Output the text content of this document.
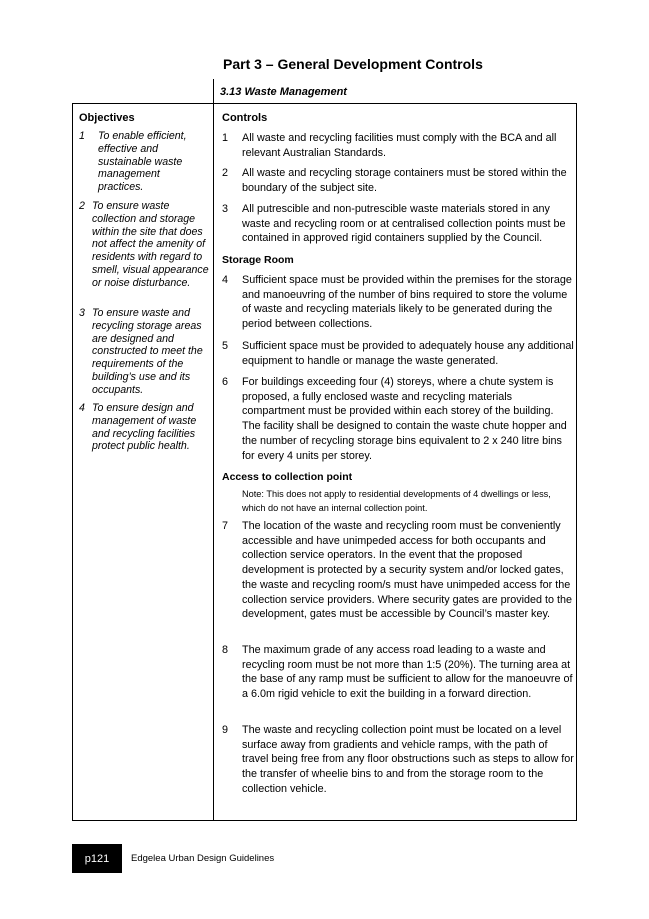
Part 3 – General Development Controls
3.13 Waste Management
Objectives
1 To enable efficient, effective and sustainable waste management practices.
2 To ensure waste collection and storage within the site that does not affect the amenity of residents with regard to smell, visual appearance or noise disturbance.
3 To ensure waste and recycling storage areas are designed and constructed to meet the requirements of the building’s use and its occupants.
4 To ensure design and management of waste and recycling facilities protect public health.
Controls
1 All waste and recycling facilities must comply with the BCA and all relevant Australian Standards.
2 All waste and recycling storage containers must be stored within the boundary of the subject site.
3 All putrescible and non-putrescible waste materials stored in any waste and recycling room or at centralised collection points must be contained in approved rigid containers supplied by the Council.
Storage Room
4 Sufficient space must be provided within the premises for the storage and manoeuvring of the number of bins required to store the volume of waste and recycling materials likely to be generated during the period between collections.
5 Sufficient space must be provided to adequately house any additional equipment to handle or manage the waste generated.
6 For buildings exceeding four (4) storeys, where a chute system is proposed, a fully enclosed waste and recycling materials compartment must be provided within each storey of the building. The facility shall be designed to contain the waste chute hopper and the number of recycling storage bins equivalent to 2 x 240 litre bins for every 4 units per storey.
Access to collection point
Note: This does not apply to residential developments of 4 dwellings or less, which do not have an internal collection point.
7 The location of the waste and recycling room must be conveniently accessible and have unimpeded access for both occupants and collection service operators. In the event that the proposed development is protected by a security system and/or locked gates, the waste and recycling room/s must have unimpeded access for the collection service providers. Where security gates are provided to the development, gates must be accessible by Council’s master key.
8 The maximum grade of any access road leading to a waste and recycling room must be not more than 1:5 (20%). The turning area at the base of any ramp must be sufficient to allow for the manoeuvre of a 6.0m rigid vehicle to exit the building in a forward direction.
9 The waste and recycling collection point must be located on a level surface away from gradients and vehicle ramps, with the path of travel being free from any floor obstructions such as steps to allow for the transfer of wheelie bins to and from the storage room to the collection vehicle.
p121	Edgelea Urban Design Guidelines
